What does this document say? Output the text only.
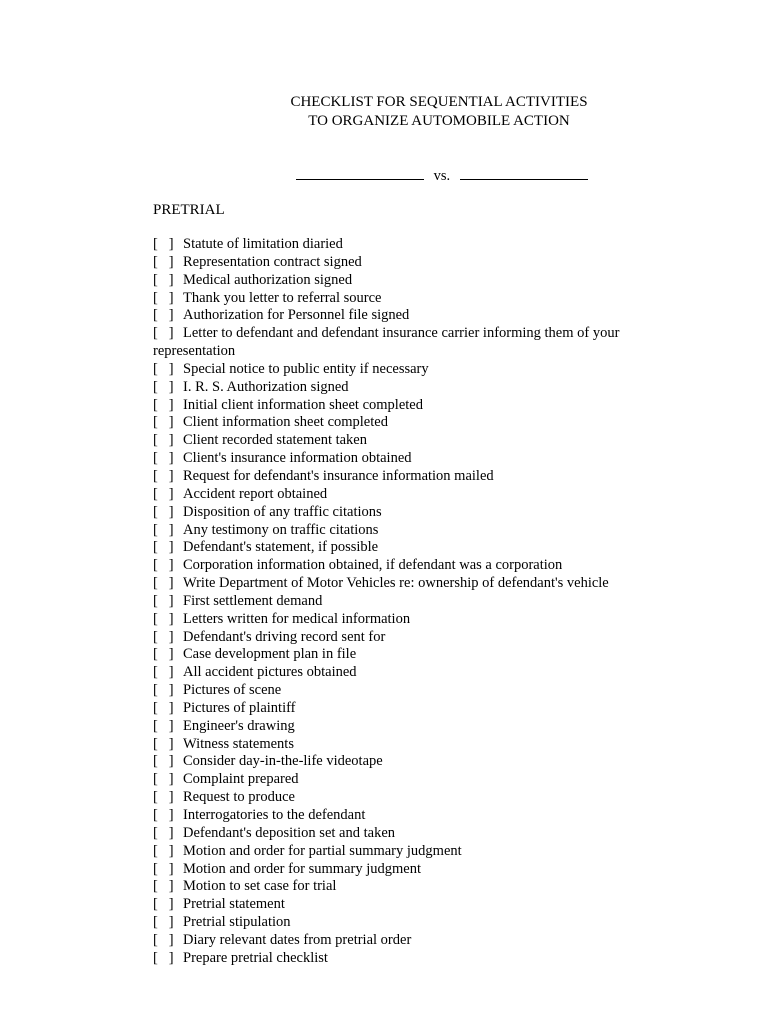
CHECKLIST FOR SEQUENTIAL ACTIVITIES
TO ORGANIZE AUTOMOBILE ACTION
vs.
PRETRIAL
[   ] Statute of limitation diaried
[   ] Representation contract signed
[   ] Medical authorization signed
[   ] Thank you letter to referral source
[   ] Authorization for Personnel file signed
[   ] Letter to defendant and defendant insurance carrier informing them of your
representation
[   ] Special notice to public entity if necessary
[   ] I. R. S. Authorization signed
[   ] Initial client information sheet completed
[   ] Client information sheet completed
[   ] Client recorded statement taken
[   ] Client's insurance information obtained
[   ] Request for defendant's insurance information mailed
[   ] Accident report obtained
[   ] Disposition of any traffic citations
[   ] Any testimony on traffic citations
[   ] Defendant's statement, if possible
[   ] Corporation information obtained, if defendant was a corporation
[   ] Write Department of Motor Vehicles re: ownership of defendant's vehicle
[   ] First settlement demand
[   ] Letters written for medical information
[   ] Defendant's driving record sent for
[   ] Case development plan in file
[   ] All accident pictures obtained
[   ] Pictures of scene
[   ] Pictures of plaintiff
[   ] Engineer's drawing
[   ] Witness statements
[   ] Consider day-in-the-life videotape
[   ] Complaint prepared
[   ] Request to produce
[   ] Interrogatories to the defendant
[   ] Defendant's deposition set and taken
[   ] Motion and order for partial summary judgment
[   ] Motion and order for summary judgment
[   ] Motion to set case for trial
[   ] Pretrial statement
[   ] Pretrial stipulation
[   ] Diary relevant dates from pretrial order
[   ] Prepare pretrial checklist
